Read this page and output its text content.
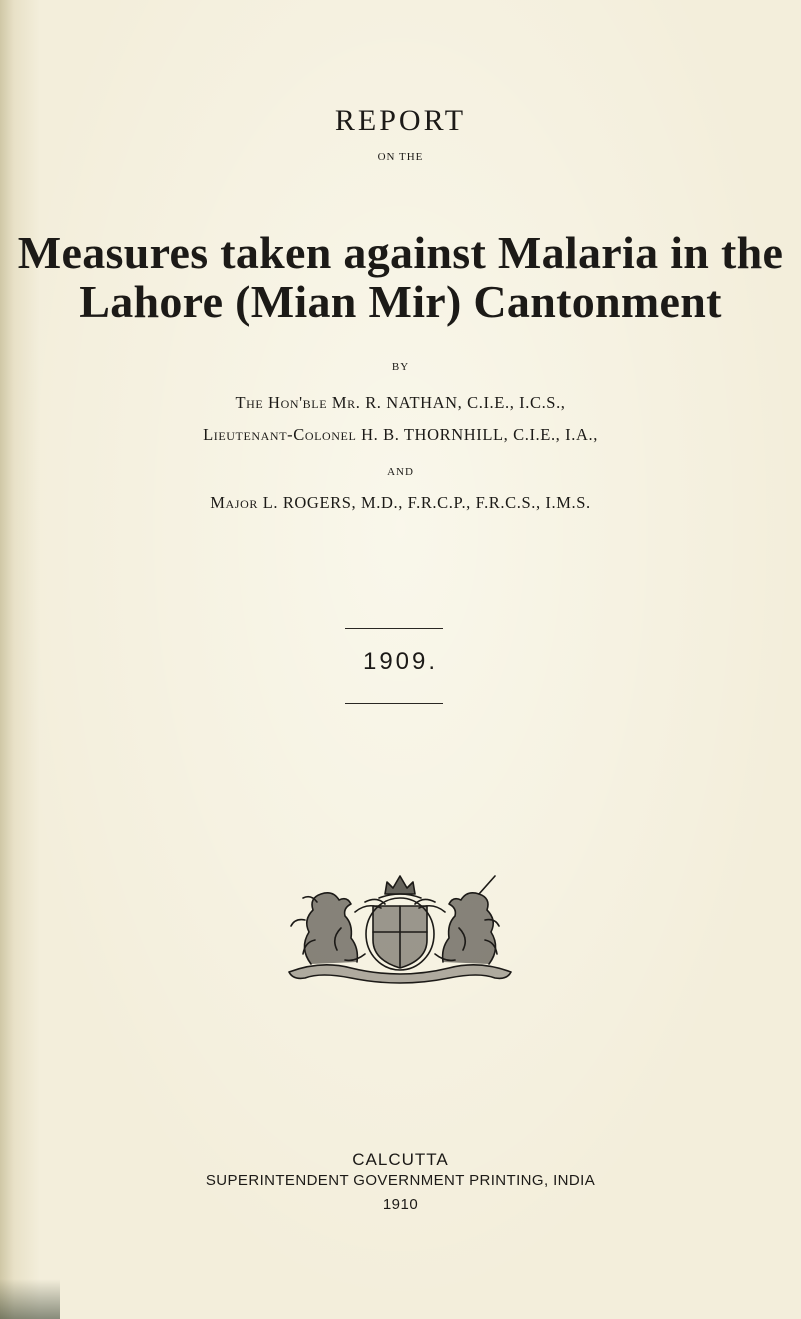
REPORT
ON THE
Measures taken against Malaria in the
Lahore (Mian Mir) Cantonment
BY
The Hon'ble Mr. R. NATHAN, C.I.E., I.C.S.,
Lieutenant-Colonel H. B. THORNHILL, C.I.E., I.A.,
AND
Major L. ROGERS, M.D., F.R.C.P., F.R.C.S., I.M.S.
1909.
CALCUTTA
SUPERINTENDENT GOVERNMENT PRINTING, INDIA
1910
